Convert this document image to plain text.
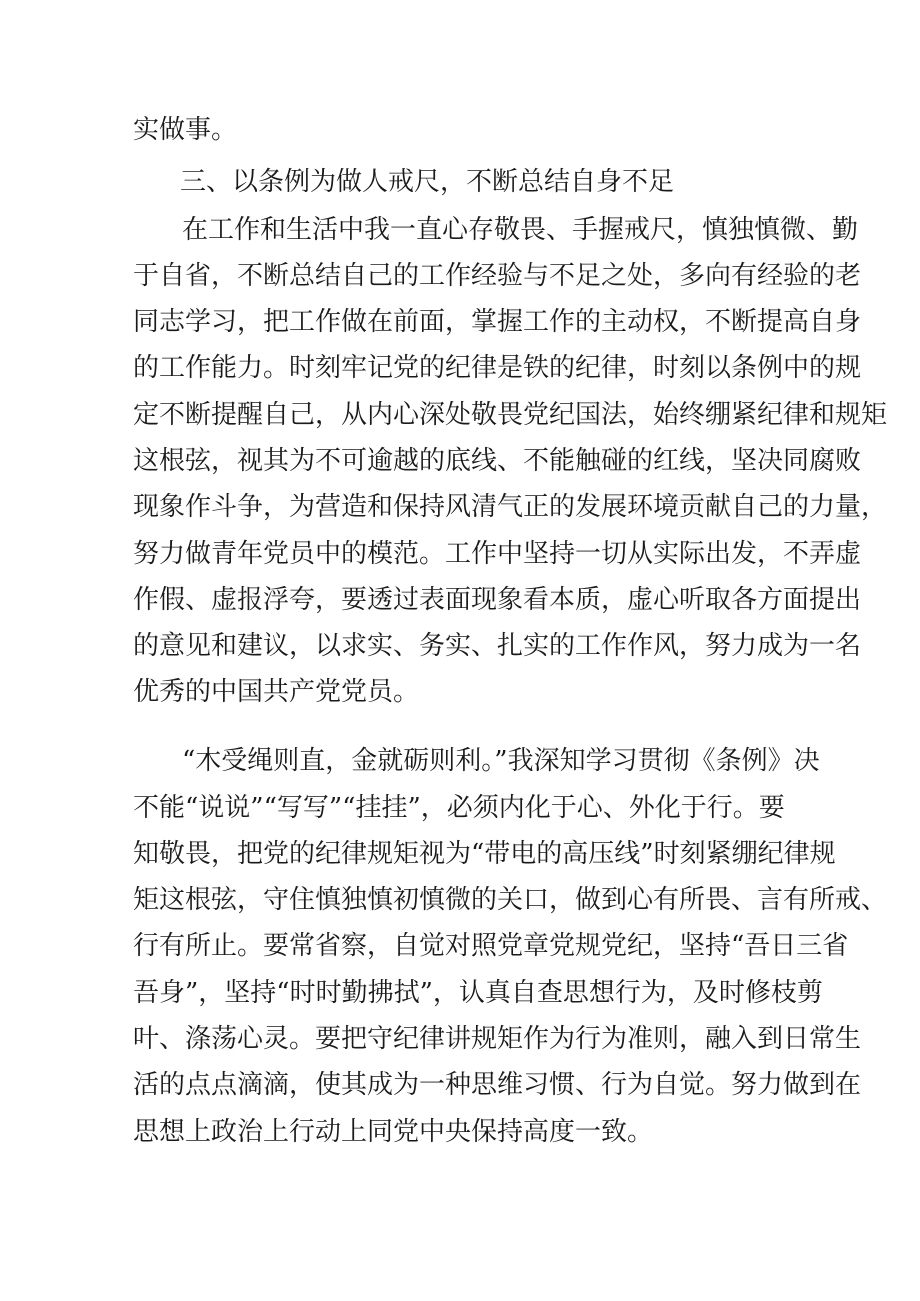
实做事。
三、以条例为做人戒尺，不断总结自身不足
在工作和生活中我一直心存敬畏、手握戒尺，慎独慎微、勤
于自省，不断总结自己的工作经验与不足之处，多向有经验的老
同志学习，把工作做在前面，掌握工作的主动权，不断提高自身
的工作能力。时刻牢记党的纪律是铁的纪律，时刻以条例中的规
定不断提醒自己，从内心深处敬畏党纪国法，始终绷紧纪律和规矩
这根弦，视其为不可逾越的底线、不能触碰的红线，坚决同腐败
现象作斗争，为营造和保持风清气正的发展环境贡献自己的力量，
努力做青年党员中的模范。工作中坚持一切从实际出发，不弄虚
作假、虚报浮夸，要透过表面现象看本质，虚心听取各方面提出
的意见和建议，以求实、务实、扎实的工作作风，努力成为一名
优秀的中国共产党党员。
“木受绳则直，金就砺则利。”我深知学习贯彻《条例》决
不能“说说”“写写”“挂挂”，必须内化于心、外化于行。要
知敬畏，把党的纪律规矩视为“带电的高压线”时刻紧绷纪律规
矩这根弦，守住慎独慎初慎微的关口，做到心有所畏、言有所戒、
行有所止。要常省察，自觉对照党章党规党纪，坚持“吾日三省
吾身”，坚持“时时勤拂拭”，认真自查思想行为，及时修枝剪
叶、涤荡心灵。要把守纪律讲规矩作为行为准则，融入到日常生
活的点点滴滴，使其成为一种思维习惯、行为自觉。努力做到在
思想上政治上行动上同党中央保持高度一致。
